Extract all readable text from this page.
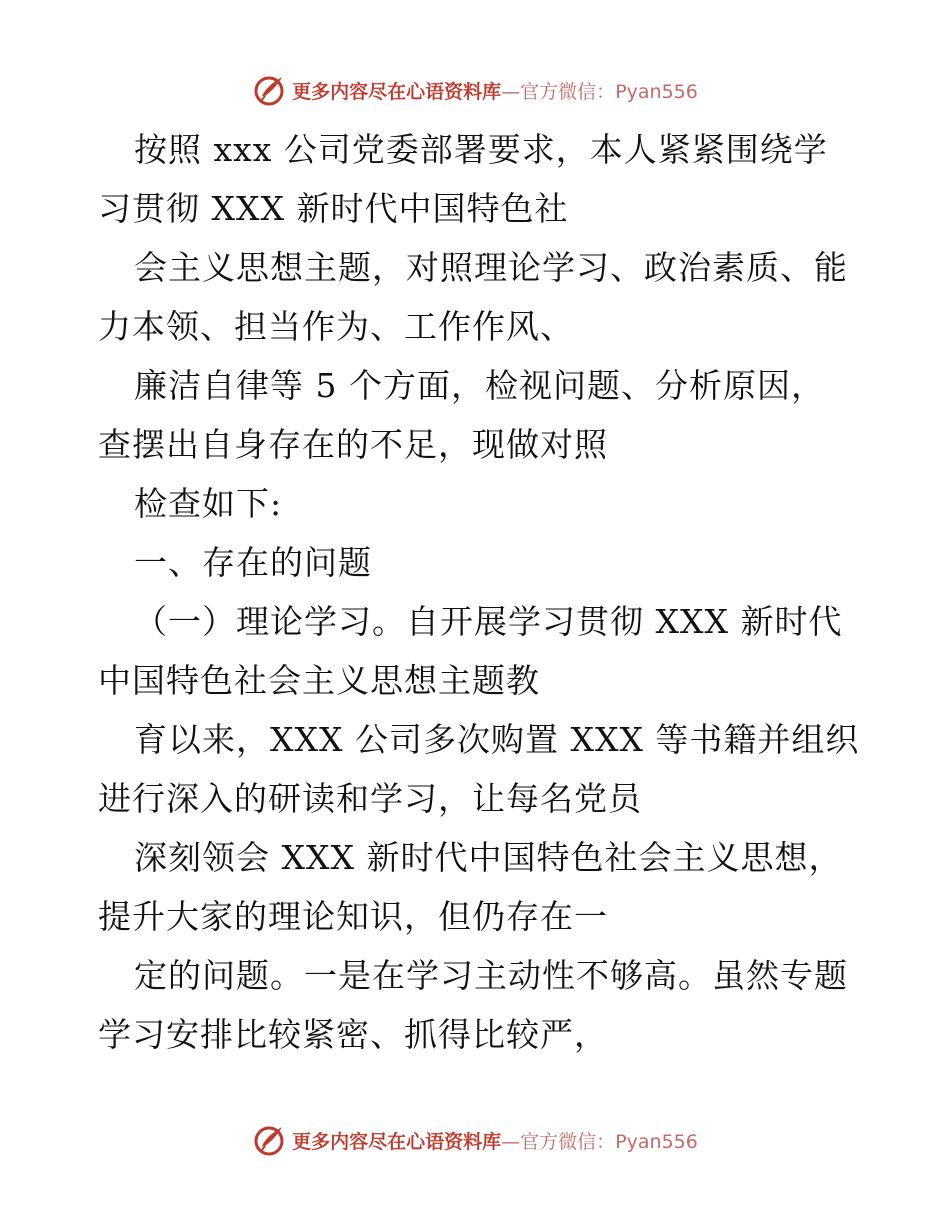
更多内容尽在心语资料库—官方微信：Pyan556
按照 xxx 公司党委部署要求，本人紧紧围绕学
习贯彻 XXX 新时代中国特色社
会主义思想主题，对照理论学习、政治素质、能
力本领、担当作为、工作作风、
廉洁自律等 5 个方面，检视问题、分析原因，
查摆出自身存在的不足，现做对照
检查如下:
一、存在的问题
（一）理论学习。自开展学习贯彻 XXX 新时代
中国特色社会主义思想主题教
育以来，XXX 公司多次购置 XXX 等书籍并组织
进行深入的研读和学习，让每名党员
深刻领会 XXX 新时代中国特色社会主义思想，
提升大家的理论知识，但仍存在一
定的问题。一是在学习主动性不够高。虽然专题
学习安排比较紧密、抓得比较严，
更多内容尽在心语资料库—官方微信：Pyan556
